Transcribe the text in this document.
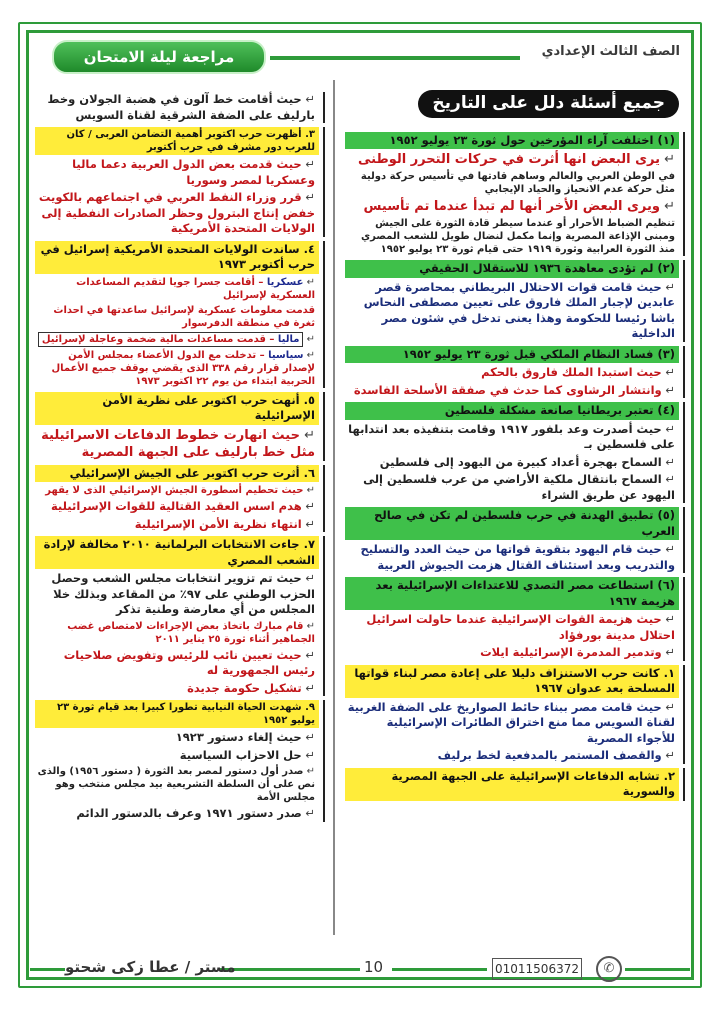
الصف الثالث الإعدادي
مراجعة ليلة الامتحان
جميع أسئلة دلل على التاريخ
(١) اختلفت آراء المؤرخين حول ثورة ٢٣ يوليو ١٩٥٢
↵ يرى البعض انها أثرت في حركات التحرر الوطنى
في الوطن العربي والعالم وساهم قادتها في تأسيس حركة دولية مثل حركة عدم الانحياز والحياد الإيجابي
↵ ويرى البعض الأخر أنها لم تبدأ عندما تم تأسيس
تنظيم الضباط الأحرار أو عندما سيطر قادة الثورة على الجيش ومبنى الإذاعة المصرية وإنما مكمل لنضال طويل للشعب المصري منذ الثورة العرابية وثورة ١٩١٩ حتى قيام ثورة ٢٣ يوليو ١٩٥٢
(٢) لم تؤدى معاهدة ١٩٣٦ للاستقلال الحقيقي
↵ حيث قامت قوات الاحتلال البريطاني بمحاصرة قصر عابدين لإجبار الملك فاروق على تعيين مصطفى النحاس باشا رئيسا للحكومة وهذا يعنى تدخل في شئون مصر الداخلية
(٣) فساد النظام الملكي قبل ثورة ٢٣ يوليو ١٩٥٢
↵ حيث استبدا الملك فاروق بالحكم
↵ وانتشار الرشاوى كما حدث في صفقة الأسلحة الفاسدة
(٤) تعتبر بريطانيا صانعة مشكلة فلسطين
↵ حيث أصدرت وعد بلفور ١٩١٧ وقامت بتنفيذه بعد انتدابها على فلسطين بـ
↵ السماح بهجرة أعداد كبيرة من اليهود إلى فلسطين
↵ السماح بانتقال ملكية الأراضي من عرب فلسطين إلى اليهود عن طريق الشراء
(٥) تطبيق الهدنة في حرب فلسطين لم تكن في صالح العرب
↵ حيث قام اليهود بتقوية قواتها من حيث العدد والتسليح والتدريب وبعد استئناف القتال هزمت الجيوش العربية
(٦) استطاعت مصر التصدي للاعتداءات الإسرائيلية بعد هزيمة ١٩٦٧
↵ حيث هزيمة القوات الإسرائيلية عندما حاولت اسرائيل احتلال مدينة بورفؤاد
↵ وتدمير المدمرة الإسرائيلية ايلات
١. كانت حرب الاستنزاف دليلا على إعادة مصر لبناء قواتها المسلحة بعد عدوان ١٩٦٧
↵ حيث قامت مصر ببناء حائط الصواريخ على الضفة الغربية لقناة السويس مما منع اختراق الطائرات الإسرائيلية للأجواء المصرية
↵ والقصف المستمر بالمدفعية لخط برليف
٢. تشابه الدفاعات الإسرائيلية على الجبهة المصرية والسورية
↵ حيث أقامت خط آلون في هضبة الجولان وخط بارليف على الضفة الشرقية لقناة السويس
٣. أظهرت حرب اكتوبر أهمية التضامن العربى / كان للعرب دور مشرف في حرب أكتوبر
↵ حيث قدمت بعض الدول العربية دعما ماليا وعسكريا لمصر وسوريا
↵ قرر وزراء النفط العربي في اجتماعهم بالكويت خفض إنتاج البترول وحظر الصادرات النفطية إلى الولايات المتحدة الأمريكية
٤. ساندت الولايات المتحدة الأمريكية إسرائيل في حرب أكتوبر ١٩٧٣
↵ عسكريا – أقامت جسرا جويا لتقديم المساعدات العسكرية لإسرائيل
قدمت معلومات عسكرية لإسرائيل ساعدتها في احداث ثغرة في منطقة الدفرسوار
↵ ماليا – قدمت مساعدات مالية ضخمة وعاجلة لإسرائيل
↵ سياسيا – تدخلت مع الدول الأعضاء بمجلس الأمن لإصدار قرار رقم ٣٣٨ الذى يقضي بوقف جميع الأعمال الحربية ابتداء من يوم ٢٢ اكتوبر ١٩٧٣
٥. أنهت حرب اكتوبر على نظرية الأمن الإسرائيلية
↵ حيث انهارت خطوط الدفاعات الاسرائيلية مثل خط بارليف على الجبهة المصرية
٦. أثرت حرب اكتوبر على الجيش الإسرائيلي
↵ حيث تحطيم أسطورة الجيش الإسرائيلي الذى لا يقهر
↵ هدم اسس العقيد القتالية للقوات الإسرائيلية
↵ انتهاء نظرية الأمن الإسرائيلية
٧. جاءت الانتخابات البرلمانية ٢٠١٠ مخالفة لإرادة الشعب المصري
↵ حيث تم تزوير انتخابات مجلس الشعب وحصل الحزب الوطني على ٩٧٪ من المقاعد وبذلك خلا المجلس من أي معارضة وطنية تذكر
↵ قام مبارك باتخاذ بعض الإجراءات لامتصاص غضب الجماهير أثناء ثورة ٢٥ يناير ٢٠١١
↵ حيث تعيين نائب للرئيس وتفويض صلاحيات رئيس الجمهورية له
↵ تشكيل حكومة جديدة
٩. شهدت الحياة النيابية تطورا كبيرا بعد قيام ثورة ٢٣ يوليو ١٩٥٢
↵ حيث إلغاء دستور ١٩٢٣
↵ حل الاحزاب السياسية
↵ صدر أول دستور لمصر بعد الثورة ( دستور ١٩٥٦) والذى نص على أن السلطة التشريعية بيد مجلس منتخب وهو مجلس الأمة
↵ صدر دستور ١٩٧١ وعرف بالدستور الدائم
مستر / عطا زكى شحتو	10	01011506372	✆
